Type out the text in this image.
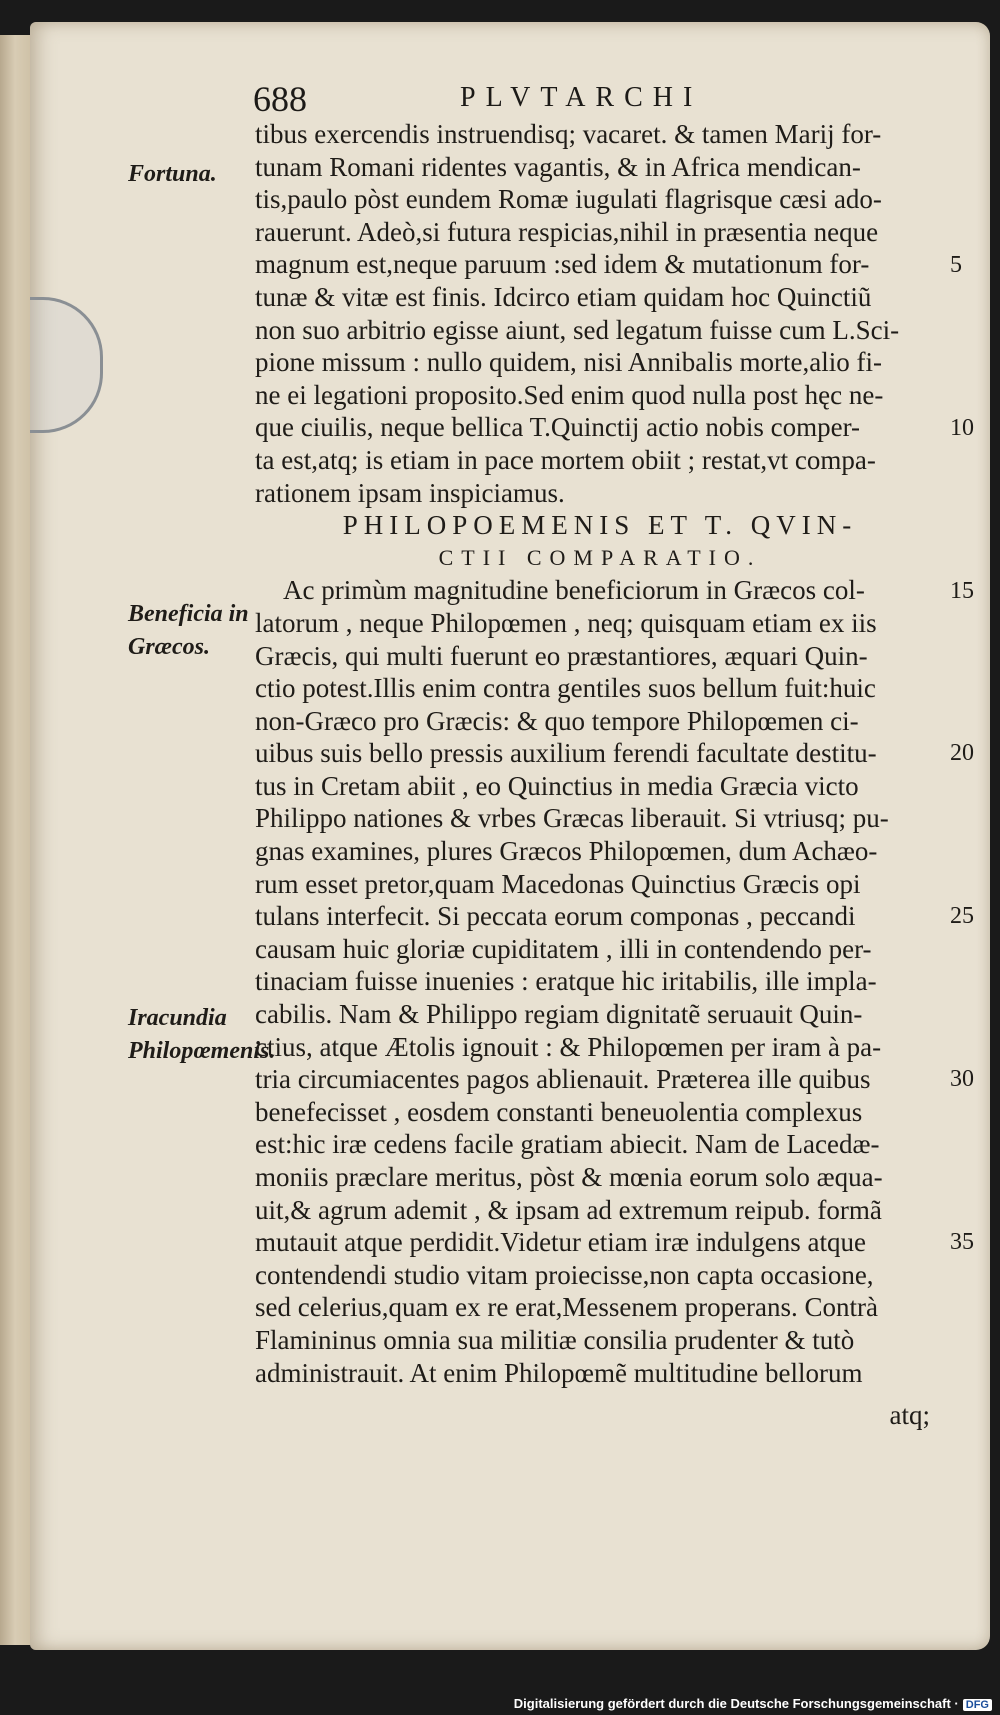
688	PLVTARCHI
Fortuna.
Beneficia in Græcos.
Iracundia Philopœmenis.
tibus exercendis instruendisq; vacaret. & tamen Marij for-
tunam Romani ridentes vagantis, & in Africa mendican-
tis,paulo pòst eundem Romæ iugulati flagrisque cæsi ado-
rauerunt. Adeò,si futura respicias,nihil in præsentia neque
magnum est,neque paruum :sed idem & mutationum for-
tunæ & vitæ est finis. Idcirco etiam quidam hoc Quinctiũ
non suo arbitrio egisse aiunt, sed legatum fuisse cum L.Sci-
pione missum : nullo quidem, nisi Annibalis morte,alio fi-
ne ei legationi proposito.Sed enim quod nulla post hęc ne-
que ciuilis, neque bellica T.Quinctij actio nobis comper-
ta est,atq; is etiam in pace mortem obiit ; restat,vt compa-
rationem ipsam inspiciamus.
PHILOPOEMENIS ET T. QVIN-
CTII COMPARATIO.
Ac primùm magnitudine beneficiorum in Græcos col-
latorum , neque Philopœmen , neq; quisquam etiam ex iis
Græcis, qui multi fuerunt eo præstantiores, æquari Quin-
ctio potest.Illis enim contra gentiles suos bellum fuit:huic
non-Græco pro Græcis: & quo tempore Philopœmen ci-
uibus suis bello pressis auxilium ferendi facultate destitu-
tus in Cretam abiit , eo Quinctius in media Græcia victo
Philippo nationes & vrbes Græcas liberauit. Si vtriusq; pu-
gnas examines, plures Græcos Philopœmen, dum Achæo-
rum esset pretor,quam Macedonas Quinctius Græcis opi
tulans interfecit. Si peccata eorum componas , peccandi
causam huic gloriæ cupiditatem , illi in contendendo per-
tinaciam fuisse inuenies : eratque hic iritabilis, ille impla-
cabilis. Nam & Philippo regiam dignitatẽ seruauit Quin-
ctius, atque Ætolis ignouit : & Philopœmen per iram à pa-
tria circumiacentes pagos ablienauit. Præterea ille quibus
benefecisset , eosdem constanti beneuolentia complexus
est:hic iræ cedens facile gratiam abiecit. Nam de Lacedæ-
moniis præclare meritus, pòst & mœnia eorum solo æqua-
uit,& agrum ademit , & ipsam ad extremum reipub. formã
mutauit atque perdidit.Videtur etiam iræ indulgens atque
contendendi studio vitam proiecisse,non capta occasione,
sed celerius,quam ex re erat,Messenem properans. Contrà
Flamininus omnia sua militiæ consilia prudenter & tutò
administrauit. At enim Philopœmẽ multitudine bellorum
atq;
5
10
15
20
25
30
35
Digitalisierung gefördert durch die Deutsche Forschungsgemeinschaft · DFG
